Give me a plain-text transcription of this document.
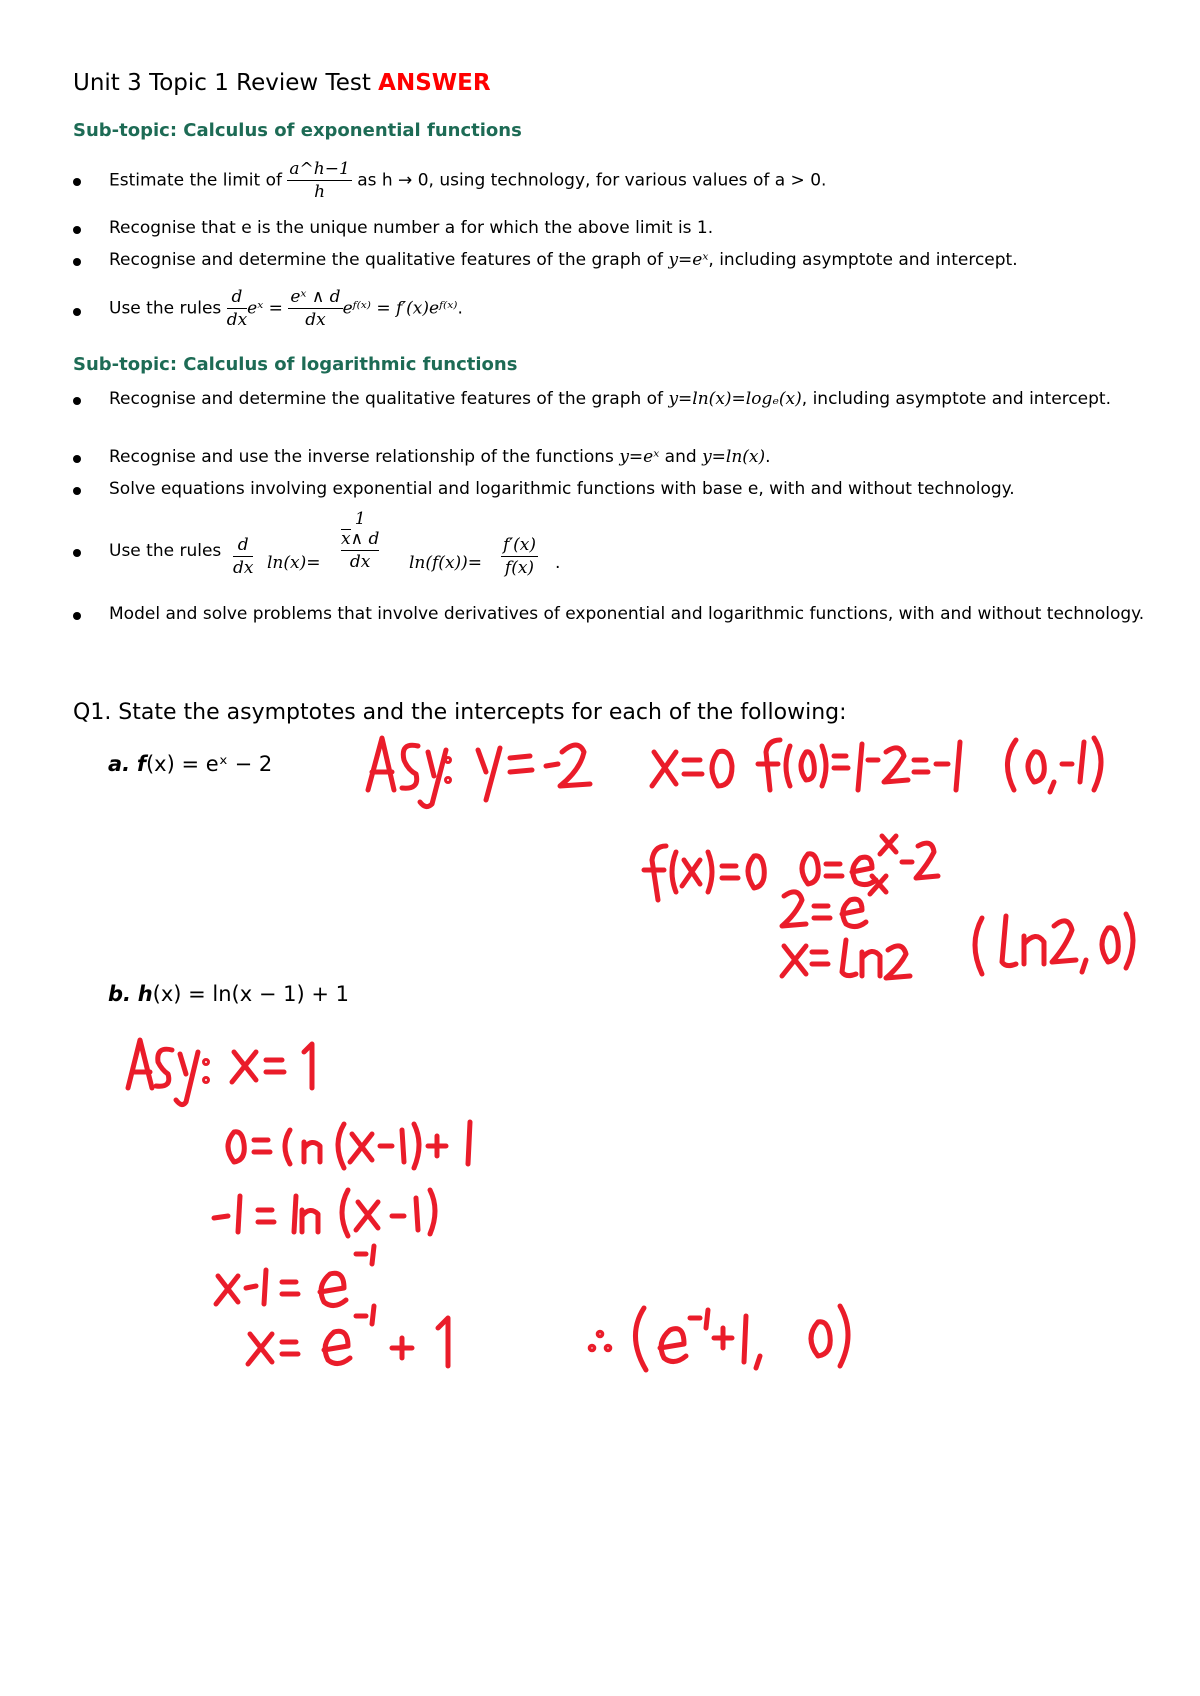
Unit 3 Topic 1 Review Test ANSWER
Sub-topic: Calculus of exponential functions
Estimate the limit of $\frac{a\^{}h-1}{h}$ as h → 0, using technology, for various values of a > 0.
Recognise that e is the unique number a for which the above limit is 1.
Recognise and determine the qualitative features of the graph of y=eˣ, including asymptote and intercept.
Use the rules $\frac{d}{dx}$ eˣ = $\frac{\text{eˣ ∧ d}}{dx}$ eᶠ⁽ˣ⁾ = f′(x)eᶠ⁽ˣ⁾.
Sub-topic: Calculus of logarithmic functions
Recognise and determine the qualitative features of the graph of y=ln(x)=logₑ(x), including asymptote and intercept.
Recognise and use the inverse relationship of the functions y=eˣ and y=ln(x).
Solve equations involving exponential and logarithmic functions with base e, with and without technology.
Use the rules $\frac{d}{dx} \ln(x)=$
1
x∧ d
dx	$\ln(f(x))= \frac{f'(x)}{f(x)}$ .
Model and solve problems that involve derivatives of exponential and logarithmic functions, with and without technology.
Q1. State the asymptotes and the intercepts for each of the following:
a. f(x) = eˣ − 2
b. h(x) = ln(x − 1) + 1
